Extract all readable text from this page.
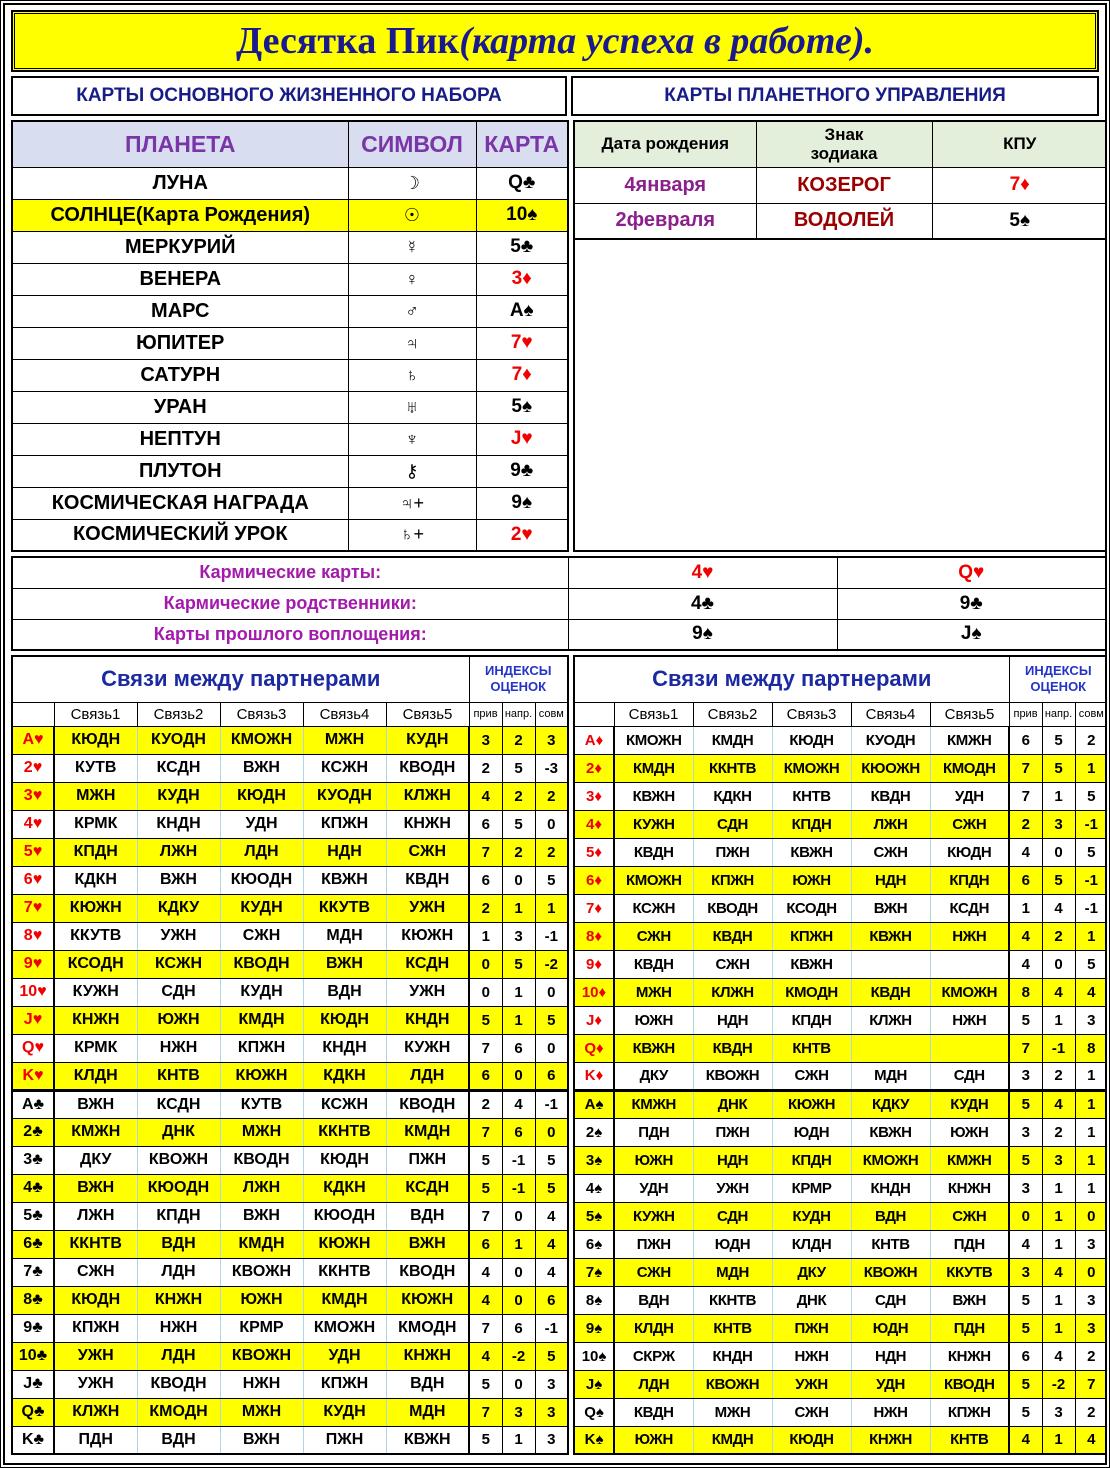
Десятка Пик (карта успеха в работе).
КАРТЫ ОСНОВНОГО ЖИЗНЕННОГО НАБОРА	КАРТЫ ПЛАНЕТНОГО УПРАВЛЕНИЯ
ПЛАНЕТА	СИМВОЛ	КАРТА
ЛУНА	☽	Q♣
СОЛНЦЕ(Карта Рождения)	☉	10♠
МЕРКУРИЙ	☿	5♣
ВЕНЕРА	♀	3♦
МАРС	♂	A♠
ЮПИТЕР	♃	7♥
САТУРН	♄	7♦
УРАН	♅	5♠
НЕПТУН	♆	J♥
ПЛУТОН	⚷	9♣
КОСМИЧЕСКАЯ НАГРАДА	♃+	9♠
КОСМИЧЕСКИЙ УРОК	♄+	2♥
Дата рождения	Знак зодиака	КПУ
4января	КОЗЕРОГ	7♦
2февраля	ВОДОЛЕЙ	5♠
Кармические карты:	4♥	Q♥
Кармические родственники:	4♣	9♣
Карты прошлого воплощения:	9♠	J♠
Связи между партнерами						ИНДЕКСЫ ОЦЕНОК		
	Связь1	Связь2	Связь3	Связь4	Связь5	прив	напр.	совм
A♥	КЮДН	КУОДН	КМОЖН	МЖН	КУДН	3	2	3
2♥	КУТВ	КСДН	ВЖН	КСЖН	КВОДН	2	5	-3
3♥	МЖН	КУДН	КЮДН	КУОДН	КЛЖН	4	2	2
4♥	КРМК	КНДН	УДН	КПЖН	КНЖН	6	5	0
5♥	КПДН	ЛЖН	ЛДН	НДН	СЖН	7	2	2
6♥	КДКН	ВЖН	КЮОДН	КВЖН	КВДН	6	0	5
7♥	КЮЖН	КДКУ	КУДН	ККУТВ	УЖН	2	1	1
8♥	ККУТВ	УЖН	СЖН	МДН	КЮЖН	1	3	-1
9♥	КСОДН	КСЖН	КВОДН	ВЖН	КСДН	0	5	-2
10♥	КУЖН	СДН	КУДН	ВДН	УЖН	0	1	0
J♥	КНЖН	ЮЖН	КМДН	КЮДН	КНДН	5	1	5
Q♥	КРМК	НЖН	КПЖН	КНДН	КУЖН	7	6	0
K♥	КЛДН	КНТВ	КЮЖН	КДКН	ЛДН	6	0	6
A♣	ВЖН	КСДН	КУТВ	КСЖН	КВОДН	2	4	-1
2♣	КМЖН	ДНК	МЖН	ККНТВ	КМДН	7	6	0
3♣	ДКУ	КВОЖН	КВОДН	КЮДН	ПЖН	5	-1	5
4♣	ВЖН	КЮОДН	ЛЖН	КДКН	КСДН	5	-1	5
5♣	ЛЖН	КПДН	ВЖН	КЮОДН	ВДН	7	0	4
6♣	ККНТВ	ВДН	КМДН	КЮЖН	ВЖН	6	1	4
7♣	СЖН	ЛДН	КВОЖН	ККНТВ	КВОДН	4	0	4
8♣	КЮДН	КНЖН	ЮЖН	КМДН	КЮЖН	4	0	6
9♣	КПЖН	НЖН	КРМР	КМОЖН	КМОДН	7	6	-1
10♣	УЖН	ЛДН	КВОЖН	УДН	КНЖН	4	-2	5
J♣	УЖН	КВОДН	НЖН	КПЖН	ВДН	5	0	3
Q♣	КЛЖН	КМОДН	МЖН	КУДН	МДН	7	3	3
K♣	ПДН	ВДН	ВЖН	ПЖН	КВЖН	5	1	3
Связи между партнерами						ИНДЕКСЫ ОЦЕНОК		
	Связь1	Связь2	Связь3	Связь4	Связь5	прив	напр.	совм
A♦	КМОЖН	КМДН	КЮДН	КУОДН	КМЖН	6	5	2
2♦	КМДН	ККНТВ	КМОЖН	КЮОЖН	КМОДН	7	5	1
3♦	КВЖН	КДКН	КНТВ	КВДН	УДН	7	1	5
4♦	КУЖН	СДН	КПДН	ЛЖН	СЖН	2	3	-1
5♦	КВДН	ПЖН	КВЖН	СЖН	КЮДН	4	0	5
6♦	КМОЖН	КПЖН	ЮЖН	НДН	КПДН	6	5	-1
7♦	КСЖН	КВОДН	КСОДН	ВЖН	КСДН	1	4	-1
8♦	СЖН	КВДН	КПЖН	КВЖН	НЖН	4	2	1
9♦	КВДН	СЖН	КВЖН			4	0	5
10♦	МЖН	КЛЖН	КМОДН	КВДН	КМОЖН	8	4	4
J♦	ЮЖН	НДН	КПДН	КЛЖН	НЖН	5	1	3
Q♦	КВЖН	КВДН	КНТВ			7	-1	8
K♦	ДКУ	КВОЖН	СЖН	МДН	СДН	3	2	1
A♠	КМЖН	ДНК	КЮЖН	КДКУ	КУДН	5	4	1
2♠	ПДН	ПЖН	ЮДН	КВЖН	ЮЖН	3	2	1
3♠	ЮЖН	НДН	КПДН	КМОЖН	КМЖН	5	3	1
4♠	УДН	УЖН	КРМР	КНДН	КНЖН	3	1	1
5♠	КУЖН	СДН	КУДН	ВДН	СЖН	0	1	0
6♠	ПЖН	ЮДН	КЛДН	КНТВ	ПДН	4	1	3
7♠	СЖН	МДН	ДКУ	КВОЖН	ККУТВ	3	4	0
8♠	ВДН	ККНТВ	ДНК	СДН	ВЖН	5	1	3
9♠	КЛДН	КНТВ	ПЖН	ЮДН	ПДН	5	1	3
10♠	СКРЖ	КНДН	НЖН	НДН	КНЖН	6	4	2
J♠	ЛДН	КВОЖН	УЖН	УДН	КВОДН	5	-2	7
Q♠	КВДН	МЖН	СЖН	НЖН	КПЖН	5	3	2
K♠	ЮЖН	КМДН	КЮДН	КНЖН	КНТВ	4	1	4
